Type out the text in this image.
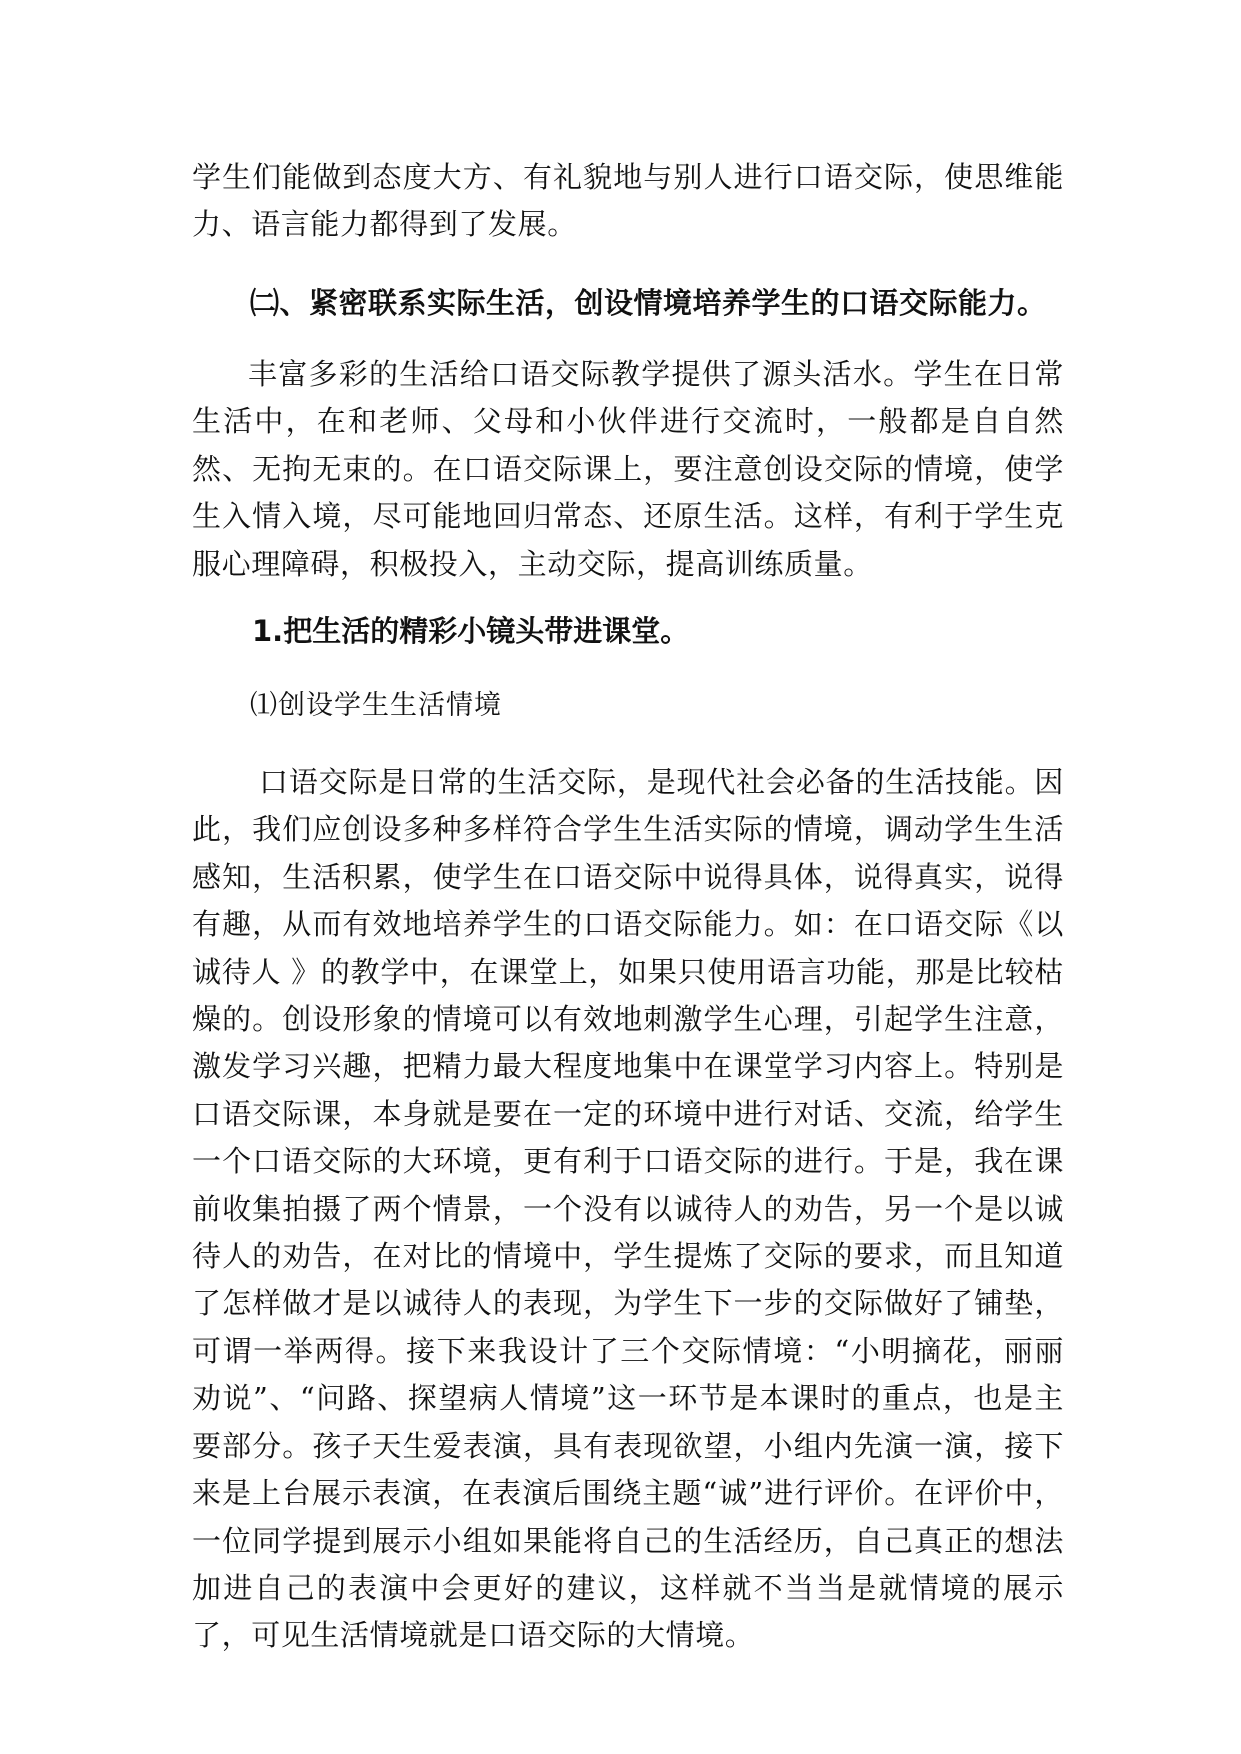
学生们能做到态度大方、有礼貌地与别人进行口语交际，使思维能力、语言能力都得到了发展。
㈡、紧密联系实际生活，创设情境培养学生的口语交际能力。
丰富多彩的生活给口语交际教学提供了源头活水。学生在日常生活中，在和老师、父母和小伙伴进行交流时，一般都是自自然然、无拘无束的。在口语交际课上，要注意创设交际的情境，使学生入情入境，尽可能地回归常态、还原生活。这样，有利于学生克服心理障碍，积极投入，主动交际，提高训练质量。
1.把生活的精彩小镜头带进课堂。
⑴创设学生生活情境
口语交际是日常的生活交际，是现代社会必备的生活技能。因此，我们应创设多种多样符合学生生活实际的情境，调动学生生活感知，生活积累，使学生在口语交际中说得具体，说得真实，说得有趣，从而有效地培养学生的口语交际能力。如：在口语交际《以诚待人 》的教学中，在课堂上，如果只使用语言功能，那是比较枯燥的。创设形象的情境可以有效地刺激学生心理，引起学生注意，激发学习兴趣，把精力最大程度地集中在课堂学习内容上。特别是口语交际课，本身就是要在一定的环境中进行对话、交流，给学生一个口语交际的大环境，更有利于口语交际的进行。于是，我在课前收集拍摄了两个情景，一个没有以诚待人的劝告，另一个是以诚待人的劝告，在对比的情境中，学生提炼了交际的要求，而且知道了怎样做才是以诚待人的表现，为学生下一步的交际做好了铺垫，可谓一举两得。接下来我设计了三个交际情境：“小明摘花，丽丽劝说”、“问路、探望病人情境”这一环节是本课时的重点，也是主要部分。孩子天生爱表演，具有表现欲望，小组内先演一演，接下来是上台展示表演，在表演后围绕主题“诚”进行评价。在评价中，一位同学提到展示小组如果能将自己的生活经历，自己真正的想法加进自己的表演中会更好的建议，这样就不当当是就情境的展示了，可见生活情境就是口语交际的大情境。
